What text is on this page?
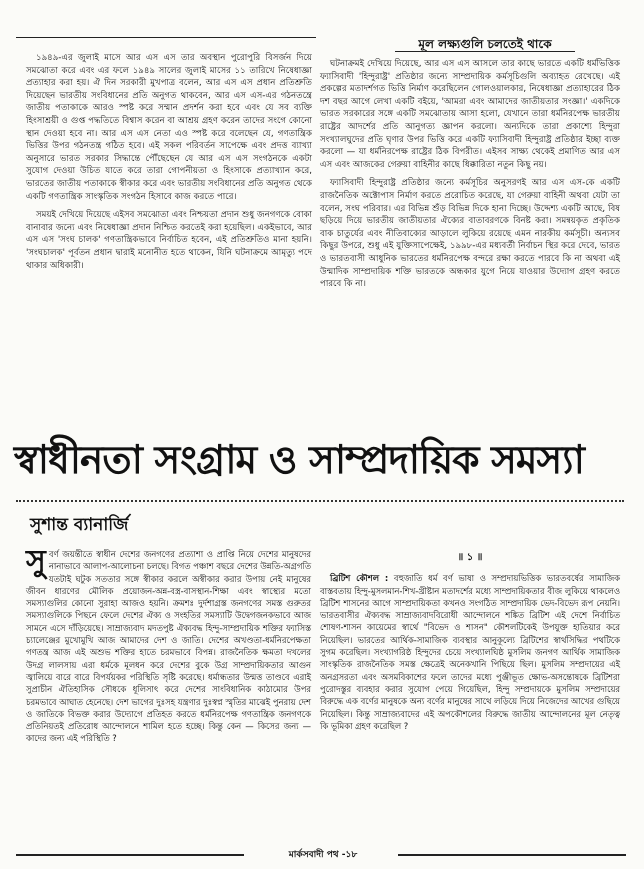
১৯৪৯-এর জুলাই মাসে আর এস এস তার অবস্থান পুরোপুরি বিসর্জন দিয়ে সমঝোতা করে এবং এর ফলে ১৯৪৯ সালের জুলাই মাসের ১১ তারিখে নিষেধাজ্ঞা প্রত্যাহার করা হয়। ঐ দিন সরকারী মুখপাত্র বলেন, আর এস এস প্রধান প্রতিশ্রুতি দিয়েছেন ভারতীয় সংবিধানের প্রতি অনুগত থাকবেন, আর এস এস-এর গঠনতন্ত্রে জাতীয় পতাকাকে আরও স্পষ্ট করে সম্মান প্রদর্শন করা হবে এবং যে সব ব্যক্তি হিংসাশ্রয়ী ও গুপ্ত পদ্ধতিতে বিশ্বাস করেন বা আশ্রয় গ্রহণ করেন তাদের সংগে কোনো স্থান দেওয়া হবে না। আর এস এস নেতা এও স্পষ্ট করে বলেছেন যে, গণতান্ত্রিক ভিত্তির উপর গঠনতন্ত্র গঠিত হবে। এই সকল পরিবর্তন সাপেক্ষে এবং প্রদত্ত ব্যাখ্যা অনুসারে ভারত সরকার সিদ্ধান্তে পৌঁছেছেন যে আর এস এস সংগঠনকে একটা সুযোগ দেওয়া উচিত যাতে করে তারা গোপনীয়তা ও হিংসাকে প্রত্যাখ্যান করে, ভারতের জাতীয় পতাকাকে স্বীকার করে এবং ভারতীয় সংবিধানের প্রতি অনুগত থেকে একটি গণতান্ত্রিক সাংস্কৃতিক সংগঠন হিসাবে কাজ করতে পারে।

সময়ই দেখিয়ে দিয়েছে এইসব সমঝোতা এবং নিশ্চয়তা প্রদান শুধু জনগণকে বোকা বানাবার জন্যে এবং নিষেধাজ্ঞা প্রদান নিশ্চিত করতেই করা হয়েছিল। একইভাবে, আর এস এস 'সংঘ চালক' গণতান্ত্রিকভাবে নির্বাচিত হবেন, এই প্রতিশ্রুতিও মানা হয়নি। 'সংঘচালক' পূর্বতন প্রধান দ্বারাই মনোনীত হতে থাকেন, যিনি ঘটনাক্রমে আমৃত্যু পদে থাকার অধিকারী।

মূল লক্ষ্যগুলি চলতেই থাকে

ঘটনাক্রমই দেখিয়ে দিয়েছে, আর এস এস আসলে তার কাছে ভারতে একটি ধর্মভিত্তিক ফ্যাসিবাদী 'হিন্দুরাষ্ট্র' প্রতিষ্ঠার জন্যে সাম্প্রদায়িক কর্মসূচিগুলি অব্যাহত রেখেছে। এই প্রকল্পের মতাদর্শগত ভিত্তি নির্মাণ করেছিলেন গোলওয়ালকার, নিষেধাজ্ঞা প্রত্যাহারের ঠিক দশ বছর আগে লেখা একটি বইয়ে, 'আমরা এবং আমাদের জাতীয়তার সংজ্ঞা।' একদিকে ভারত সরকারের সঙ্গে একটি সমঝোতায় আসা হলো, যেখানে তারা ধর্মনিরপেক্ষ ভারতীয় রাষ্ট্রের আদর্শের প্রতি আনুগত্য জ্ঞাপন করলো। অন্যদিকে তারা প্রকাশ্যে হিন্দুরা সংখ্যালঘুদের প্রতি ঘৃণার উপর ভিত্তি করে একটি ফ্যাসিবাদী হিন্দুরাষ্ট্র প্রতিষ্ঠার ইচ্ছা ব্যক্ত করলো — যা ধর্মনিরপেক্ষ রাষ্ট্রের ঠিক বিপরীত। এইসব সাক্ষ্য থেকেই প্রমাণিত আর এস এস এবং আজকের গেরুয়া বাহিনীর কাছে ধিক্কারিতা নতুন কিছু নয়।

ফ্যাসিবাদী হিন্দুরাষ্ট্র প্রতিষ্ঠার জন্যে কর্মসূচির অনুসরণই আর এস এস-কে একটি রাজনৈতিক অক্টোপাস নির্মাণ করতে প্ররোচিত করেছে, যা গেরুয়া বাহিনী অথবা যেটা তা বলেন, সংঘ পরিবার। এর বিভিন্ন শুঁড় বিভিন্ন দিকে হানা দিচ্ছে। উদ্দেশ্য একটি আছে, বিষ ছড়িয়ে দিয়ে ভারতীয় জাতীয়তার ঐক্যের বাতাবরণকে বিনষ্ট করা। সমন্বয়কৃত প্রকৃতিক বাক চাতুর্যের এবং নীতিবাক্যের আড়ালে লুকিয়ে রয়েছে এমন নারকীয় কর্মসূচী। অন্যসব কিছুর উপরে, শুধু এই যুক্তিসাপেক্ষেই, ১৯৯৮-এর মধ্যবর্তী নির্বাচন স্থির করে দেবে, ভারত ও ভারতবাসী আধুনিক ভারতের ধর্মনিরপেক্ষ বন্দরে রক্ষা করতে পারবে কি না অথবা এই উন্মাদিক সাম্প্রদায়িক শক্তি ভারতকে অন্ধকার যুগে নিয়ে যাওয়ার উদ্যোগ গ্রহণ করতে পারবে কি না।

স্বাধীনতা সংগ্রাম ও সাম্প্রদায়িক সমস্যা
সুশান্ত ব্যানার্জি

সুবর্ণ জয়ন্তীতে স্বাধীন দেশের জনগণের প্রত্যাশা ও প্রাপ্তি নিয়ে দেশের মানুষদের নানাভাবে আলাপ-আলোচনা চলছে। বিগত পঞ্চাশ বছরে দেশের উন্নতি-অগ্রগতি যতটাই ঘটুক সততার সঙ্গে স্বীকার করলে অস্বীকার করার উপায় নেই মানুষের জীবন ধারণের মৌলিক প্রয়োজন-অন্ন-বস্ত্র-বাসস্থান-শিক্ষা এবং স্বাস্থ্যের মতো সমস্যাগুলির কোনো সুরাহা আজও হয়নি। ক্রমশঃ দুর্দশাগ্রস্ত জনগণের সমস্ত গুরুতর সমস্যাগুলিকে পিছনে ফেলে দেশের ঐক্য ও সংহতির সমস্যাটি উদ্বেগজনকভাবে আজ সামনে এসে দাঁড়িয়েছে। সাম্রাজ্যবাদ মদতপুষ্ট ঐক্যবদ্ধ হিন্দু-সাম্প্রদায়িক শক্তির ফ্যাসিস্ত চ্যালেঞ্জের মুখোমুখি আজ আমাদের দেশ ও জাতি। দেশের অখণ্ডতা-ধর্মনিরপেক্ষতা গণতন্ত্র আজ এই অশুভ শক্তির হাতে চরমভাবে বিপন্ন। রাজনৈতিক ক্ষমতা দখলের উদগ্র লালসায় এরা ধর্মকে মূলধন করে দেশের বুকে উগ্র সাম্প্রদায়িকতার আগুন জ্বালিয়ে বারে বারে বিপর্যয়কর পরিস্থিতি সৃষ্টি করেছে। ধর্মান্ধতার উন্মত্ত তাণ্ডবে এরাই সুপ্রাচীন ঐতিহাসিক সৌধকে ধূলিসাৎ করে দেশের সাংবিধানিক কাঠামোর উপর চরমভাবে আঘাত হেনেছে। দেশ ভাগের দুঃসহ যন্ত্রণার দুঃস্বপ্ন স্মৃতির মাঝেই পুনরায় দেশ ও জাতিকে বিভক্ত করার উদ্যোগে প্রতিহত করতে ধর্মনিরপেক্ষ গণতান্ত্রিক জনগণকে প্রতিনিয়তই প্রতিরোধ আন্দোলনে শামিল হতে হচ্ছে। কিন্তু কেন — কিসের জন্য — কাদের জন্য এই পরিস্থিতি ?

॥ ১ ॥

ব্রিটিশ কৌশল : বহুজাতি ধর্ম বর্ণ ভাষা ও সম্প্রদায়ভিত্তিক ভারতবর্ষের সামাজিক বাস্তবতায় হিন্দু-মুসলমান-শিখ-খ্রীষ্টান মতাদর্শের মধ্যে সাম্প্রদায়িকতার বীজ লুকিয়ে থাকলেও ব্রিটিশ শাসনের আগে সাম্প্রদায়িকতা কখনও সংগঠিত সাম্প্রদায়িক ভেদ-বিভেদ রূপ নেয়নি। ভারতবাসীর ঐক্যবদ্ধ সাম্রাজ্যবাদবিরোধী আন্দোলনে শঙ্কিত ব্রিটিশ এই দেশে নির্বাচিত শোষণ-শাসন কায়েমের স্বার্থে "বিভেদ ও শাসন" কৌশলটিকেই উপযুক্ত হাতিয়ার করে নিয়েছিল। ভারতের আর্থিক-সামাজিক ব্যবস্থার আনুকূল্যে ব্রিটিশের স্বার্থসিদ্ধির পথটিকে সুগম করেছিল। সংখ্যাগরিষ্ঠ হিন্দুদের চেয়ে সংখ্যালঘিষ্ঠ মুসলিম জনগণ আর্থিক সামাজিক সাংস্কৃতিক রাজনৈতিক সমস্ত ক্ষেত্রেই অনেকখানি পিছিয়ে ছিল। মুসলিম সম্প্রদায়ের এই অনগ্রসরতা এবং অসমবিকাশের ফলে তাদের মধ্যে পুঞ্জীভূত ক্ষোভ-অসন্তোষকে ব্রিটিশরা পুরোদস্তুর ব্যবহার করার সুযোগ পেয়ে গিয়েছিল, হিন্দু সম্প্রদায়কে মুসলিম সম্প্রদায়ের বিরুদ্ধে এক বর্ণের মানুষকে অন্য বর্ণের মানুষের সাথে লড়িয়ে দিয়ে নিজেদের আখের গুছিয়ে নিয়েছিল। কিন্তু সাম্রাজ্যবাদের এই অপকৌশলের বিরুদ্ধে জাতীয় আন্দোলনের মূল নেতৃত্ব কি ভূমিকা গ্রহণ করেছিল ?

মার্কসবাদী পথ -১৮
